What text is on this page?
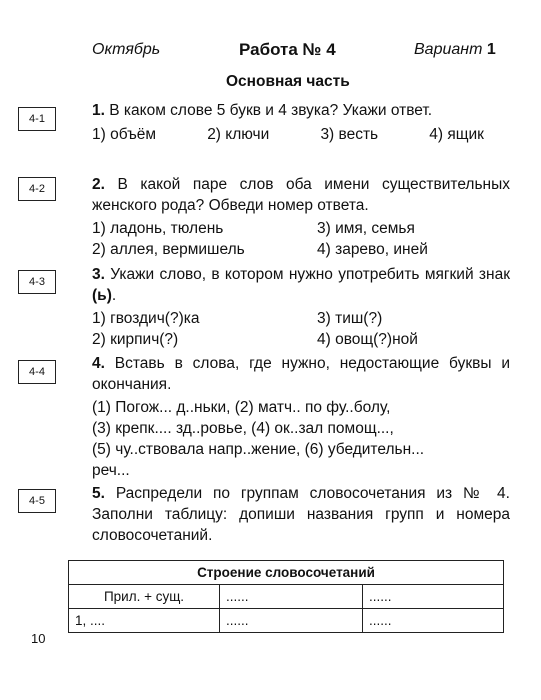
Октябрь	Работа № 4	Вариант 1
Основная часть
4-1	1. В каком слове 5 букв и 4 звука? Укажи ответ.

1) объём	2) ключи	3) весть	4) ящик
4-2	2. В какой паре слов оба имени существительных женского рода? Обведи номер ответа.

1) ладонь, тюлень	3) имя, семья
2) аллея, вермишель	4) зарево, иней
4-3	3. Укажи слово, в котором нужно употребить мягкий знак (ь).

1) гвоздич(?)ка	3) тиш(?)
2) кирпич(?)	4) овощ(?)ной
4-4	4. Вставь в слова, где нужно, недостающие буквы и окончания.

(1) Погож... д..ньки, (2) матч.. по фу..болу,
(3) крепк.... зд..ровье, (4) ок..зал помощ...,
(5) чу..ствовала напр..жение, (6) убедительн...
реч...
4-5	5. Распредели по группам словосочетания из № 4. Заполни таблицу: допиши названия групп и номера словосочетаний.

Строение словосочетаний		
Прил. + сущ.	......	......
1, ....	......	......
10
